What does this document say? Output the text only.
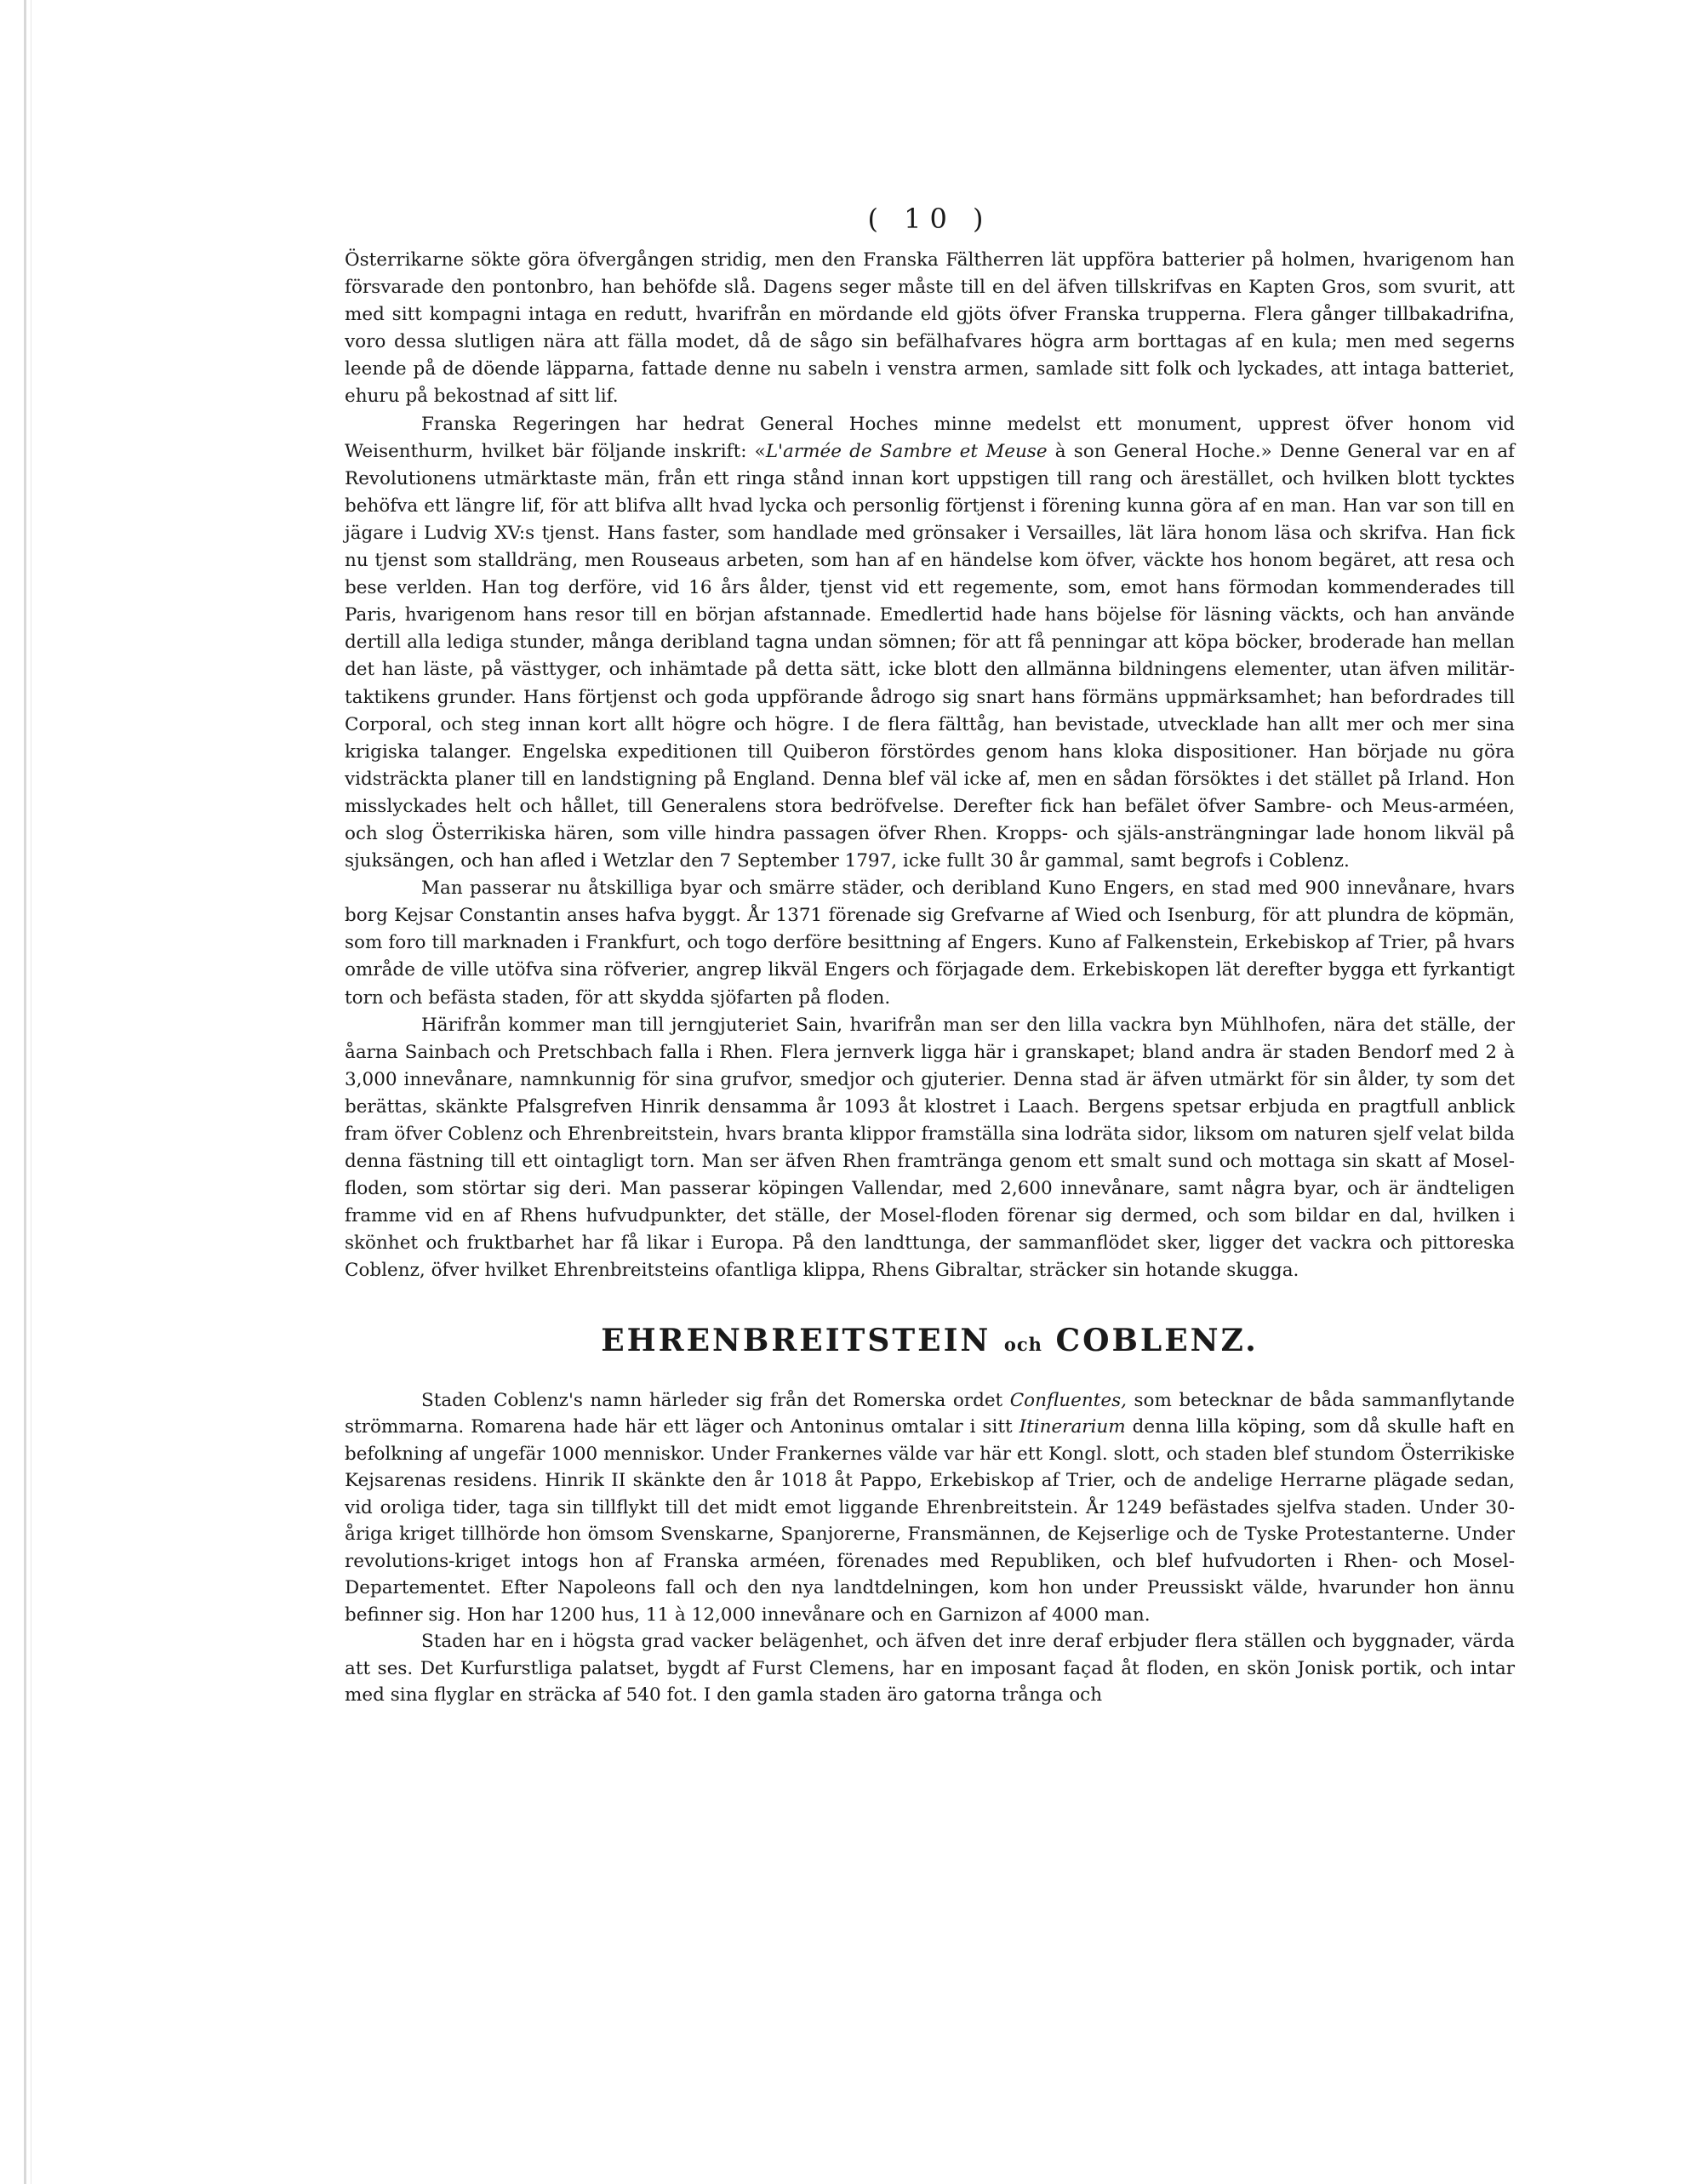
( 10 )

Österrikarne sökte göra öfvergången stridig, men den Franska Fältherren lät uppföra batterier på holmen, hvarigenom han försvarade den pontonbro, han behöfde slå. Dagens seger måste till en del äfven tillskrifvas en Kapten Gros, som svurit, att med sitt kompagni intaga en redutt, hvarifrån en mördande eld gjöts öfver Franska trupperna. Flera gånger tillbakadrifna, voro dessa slutligen nära att fälla modet, då de sågo sin befälhafvares högra arm borttagas af en kula; men med segerns leende på de döende läpparna, fattade denne nu sabeln i venstra armen, samlade sitt folk och lyckades, att intaga batteriet, ehuru på bekostnad af sitt lif.

Franska Regeringen har hedrat General Hoches minne medelst ett monument, upprest öfver honom vid Weisenthurm, hvilket bär följande inskrift: «L'armée de Sambre et Meuse à son General Hoche.» Denne General var en af Revolutionens utmärktaste män, från ett ringa stånd innan kort uppstigen till rang och ärestället, och hvilken blott tycktes behöfva ett längre lif, för att blifva allt hvad lycka och personlig förtjenst i förening kunna göra af en man. Han var son till en jägare i Ludvig XV:s tjenst. Hans faster, som handlade med grönsaker i Versailles, lät lära honom läsa och skrifva. Han fick nu tjenst som stalldräng, men Rouseaus arbeten, som han af en händelse kom öfver, väckte hos honom begäret, att resa och bese verlden. Han tog derföre, vid 16 års ålder, tjenst vid ett regemente, som, emot hans förmodan kommenderades till Paris, hvarigenom hans resor till en början afstannade. Emedlertid hade hans böjelse för läsning väckts, och han använde dertill alla lediga stunder, många deribland tagna undan sömnen; för att få penningar att köpa böcker, broderade han mellan det han läste, på västtyger, och inhämtade på detta sätt, icke blott den allmänna bildningens elementer, utan äfven militär-taktikens grunder. Hans förtjenst och goda uppförande ådrogo sig snart hans förmäns uppmärksamhet; han befordrades till Corporal, och steg innan kort allt högre och högre. I de flera fälttåg, han bevistade, utvecklade han allt mer och mer sina krigiska talanger. Engelska expeditionen till Quiberon förstördes genom hans kloka dispositioner. Han började nu göra vidsträckta planer till en landstigning på England. Denna blef väl icke af, men en sådan försöktes i det stället på Irland. Hon misslyckades helt och hållet, till Generalens stora bedröfvelse. Derefter fick han befälet öfver Sambre- och Meus-arméen, och slog Österrikiska hären, som ville hindra passagen öfver Rhen. Kropps- och själs-ansträngningar lade honom likväl på sjuksängen, och han afled i Wetzlar den 7 September 1797, icke fullt 30 år gammal, samt begrofs i Coblenz.

Man passerar nu åtskilliga byar och smärre städer, och deribland Kuno Engers, en stad med 900 innevånare, hvars borg Kejsar Constantin anses hafva byggt. År 1371 förenade sig Grefvarne af Wied och Isenburg, för att plundra de köpmän, som foro till marknaden i Frankfurt, och togo derföre besittning af Engers. Kuno af Falkenstein, Erkebiskop af Trier, på hvars område de ville utöfva sina röfverier, angrep likväl Engers och förjagade dem. Erkebiskopen lät derefter bygga ett fyrkantigt torn och befästa staden, för att skydda sjöfarten på floden.

Härifrån kommer man till jerngjuteriet Sain, hvarifrån man ser den lilla vackra byn Mühlhofen, nära det ställe, der åarna Sainbach och Pretschbach falla i Rhen. Flera jernverk ligga här i granskapet; bland andra är staden Bendorf med 2 à 3,000 innevånare, namnkunnig för sina grufvor, smedjor och gjuterier. Denna stad är äfven utmärkt för sin ålder, ty som det berättas, skänkte Pfalsgrefven Hinrik densamma år 1093 åt klostret i Laach. Bergens spetsar erbjuda en pragtfull anblick fram öfver Coblenz och Ehrenbreitstein, hvars branta klippor framställa sina lodräta sidor, liksom om naturen sjelf velat bilda denna fästning till ett ointagligt torn. Man ser äfven Rhen framtränga genom ett smalt sund och mottaga sin skatt af Mosel-floden, som störtar sig deri. Man passerar köpingen Vallendar, med 2,600 innevånare, samt några byar, och är ändteligen framme vid en af Rhens hufvudpunkter, det ställe, der Mosel-floden förenar sig dermed, och som bildar en dal, hvilken i skönhet och fruktbarhet har få likar i Europa. På den landttunga, der sammanflödet sker, ligger det vackra och pittoreska Coblenz, öfver hvilket Ehrenbreitsteins ofantliga klippa, Rhens Gibraltar, sträcker sin hotande skugga.

EHRENBREITSTEIN och COBLENZ.

Staden Coblenz's namn härleder sig från det Romerska ordet Confluentes, som betecknar de båda sammanflytande strömmarna. Romarena hade här ett läger och Antoninus omtalar i sitt Itinerarium denna lilla köping, som då skulle haft en befolkning af ungefär 1000 menniskor. Under Frankernes välde var här ett Kongl. slott, och staden blef stundom Österrikiske Kejsarenas residens. Hinrik II skänkte den år 1018 åt Pappo, Erkebiskop af Trier, och de andelige Herrarne plägade sedan, vid oroliga tider, taga sin tillflykt till det midt emot liggande Ehrenbreitstein. År 1249 befästades sjelfva staden. Under 30-åriga kriget tillhörde hon ömsom Svenskarne, Spanjorerne, Fransmännen, de Kejserlige och de Tyske Protestanterne. Under revolutions-kriget intogs hon af Franska arméen, förenades med Republiken, och blef hufvudorten i Rhen- och Mosel-Departementet. Efter Napoleons fall och den nya landtdelningen, kom hon under Preussiskt välde, hvarunder hon ännu befinner sig. Hon har 1200 hus, 11 à 12,000 innevånare och en Garnizon af 4000 man.

Staden har en i högsta grad vacker belägenhet, och äfven det inre deraf erbjuder flera ställen och byggnader, värda att ses. Det Kurfurstliga palatset, bygdt af Furst Clemens, har en imposant façad åt floden, en skön Jonisk portik, och intar med sina flyglar en sträcka af 540 fot. I den gamla staden äro gatorna trånga och
